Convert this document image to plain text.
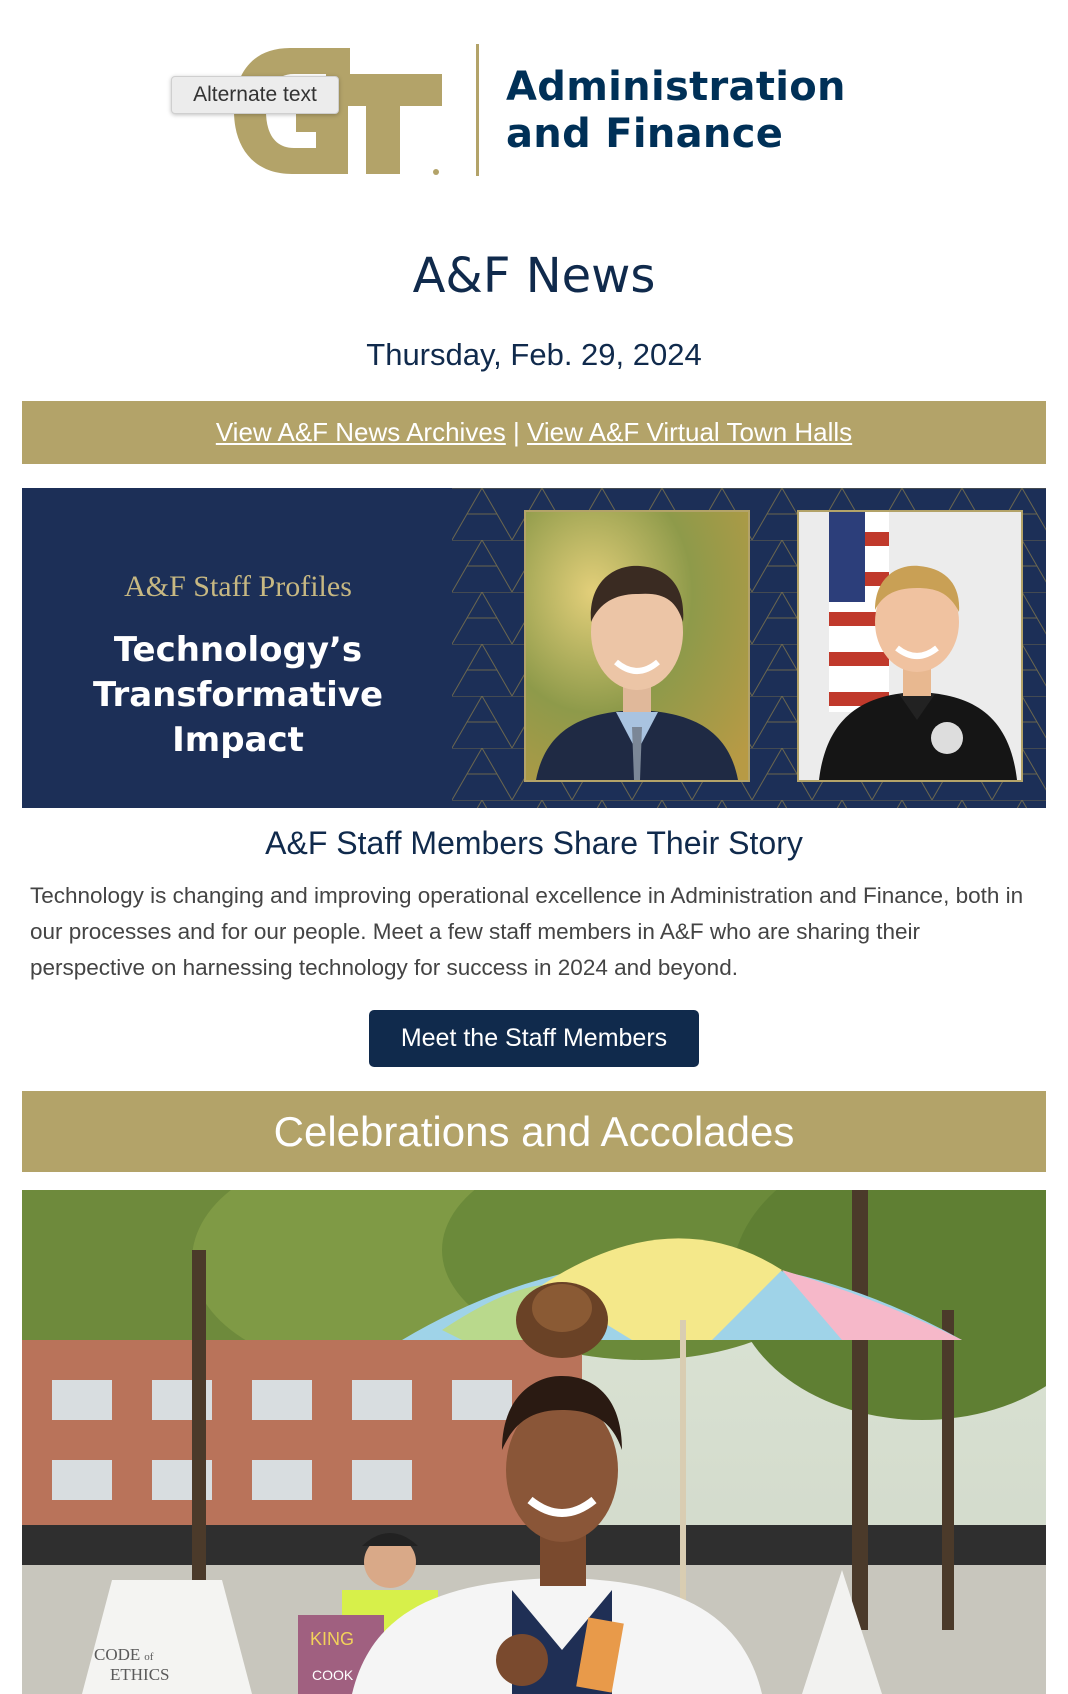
Administration
and Finance
Alternate text
A&F News
Thursday, Feb. 29, 2024
View A&F News Archives | View A&F Virtual Town Halls
A&F Staff Profiles
Technology’s
Transformative Impact
A&F Staff Members Share Their Story
Technology is changing and improving operational excellence in Administration and Finance, both in our processes and for our people. Meet a few staff members in A&F who are sharing their perspective on harnessing technology for success in 2024 and beyond.
Meet the Staff Members
Celebrations and Accolades
CODE of
ETHICS
KING
COOK
